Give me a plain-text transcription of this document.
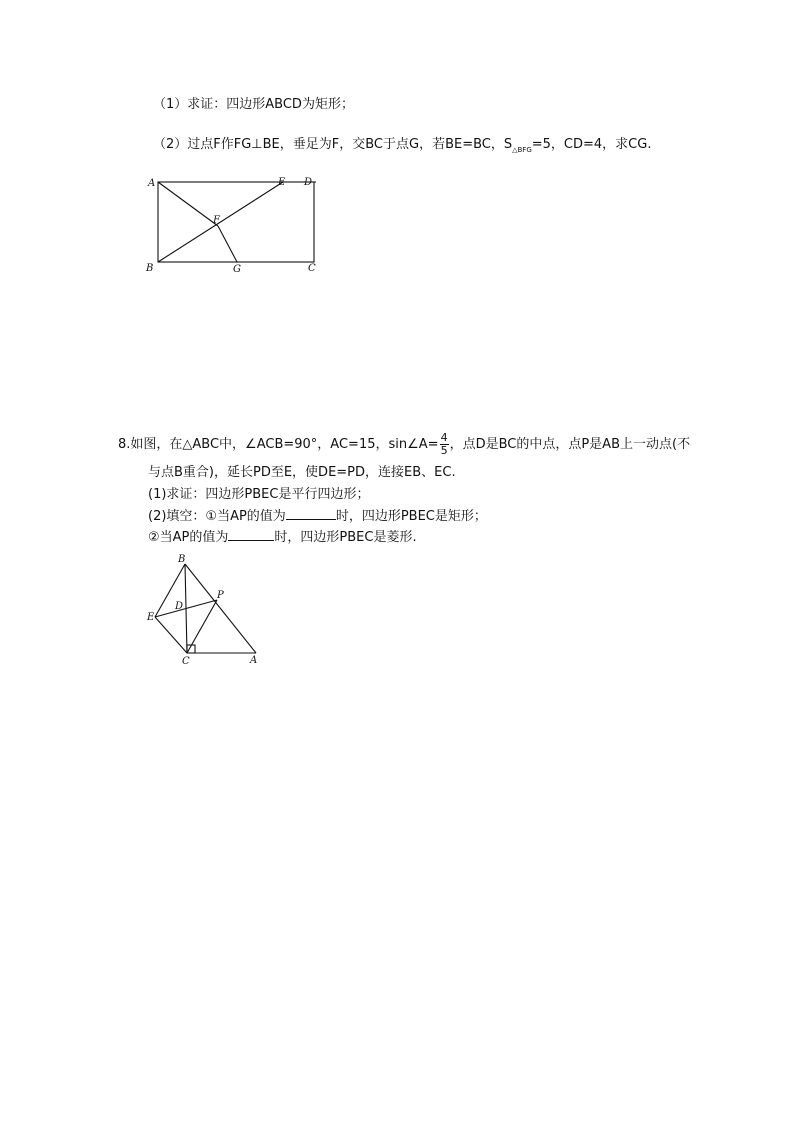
（1）求证：四边形ABCD为矩形；
（2）过点F作FG⊥BE，垂足为F，交BC于点G，若BE=BC，$S_{\triangle BFG}=5$，CD=4，求CG.
A	E D
F
B	G	C
8.如图，在△ABC中，∠ACB=90°，AC=15，sin∠A= $\frac{4}{5}$ ，点D是BC的中点，点P是AB上一动点(不
与点B重合)，延长PD至E，使DE=PD，连接EB、EC.
(1)求证：四边形PBEC是平行四边形；
(2)填空：①当AP的值为	时，四边形PBEC是矩形；
②当AP的值为	时，四边形PBEC是菱形.
B
D
P
E
C	A
